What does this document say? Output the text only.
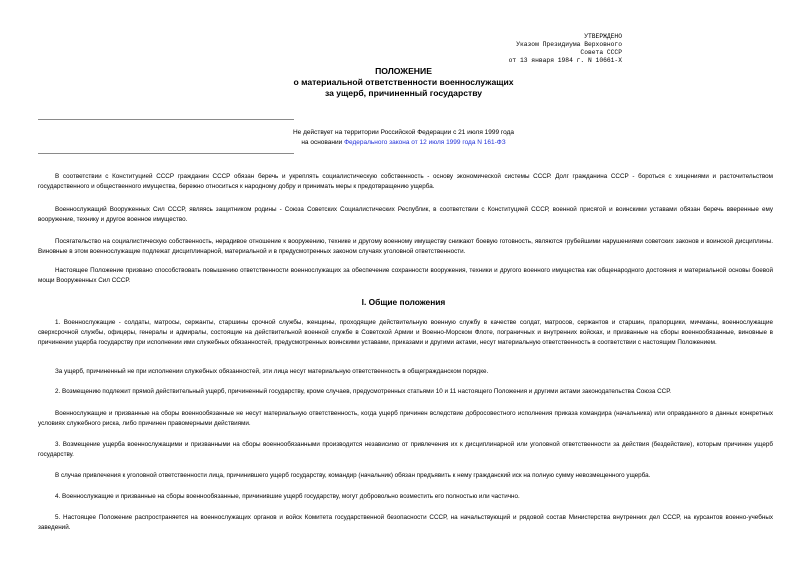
УТВЕРЖДЕНО
Указом Президиума Верховного
Совета СССР
от 13 января 1984 г. N 10661-X
ПОЛОЖЕНИЕ
о материальной ответственности военнослужащих
за ущерб, причиненный государству
Не действует на территории Российской Федерации с 21 июля 1999 года
на основании Федерального закона от 12 июля 1999 года N 161-ФЗ

В соответствии с Конституцией СССР гражданин СССР обязан беречь и укреплять социалистическую собственность - основу экономической системы СССР. Долг гражданина СССР - бороться с хищениями и расточительством государственного и общественного имущества, бережно относиться к народному добру и принимать меры к предотвращению ущерба.

Военнослужащий Вооруженных Сил СССР, являясь защитником родины - Союза Советских Социалистических Республик, в соответствии с Конституцией СССР, военной присягой и воинскими уставами обязан беречь вверенные ему вооружение, технику и другое военное имущество.

Посягательство на социалистическую собственность, нерадивое отношение к вооружению, технике и другому военному имуществу снижают боевую готовность, являются грубейшими нарушениями советских законов и воинской дисциплины. Виновные в этом военнослужащие подлежат дисциплинарной, материальной и в предусмотренных законом случаях уголовной ответственности.

Настоящее Положение призвано способствовать повышению ответственности военнослужащих за обеспечение сохранности вооружения, техники и другого военного имущества как общенародного достояния и материальной основы боевой мощи Вооруженных Сил СССР.

I. Общие положения

1. Военнослужащие - солдаты, матросы, сержанты, старшины срочной службы, женщины, проходящие действительную военную службу в качестве солдат, матросов, сержантов и старшин, прапорщики, мичманы, военнослужащие сверхсрочной службы, офицеры, генералы и адмиралы, состоящие на действительной военной службе в Советской Армии и Военно-Морском Флоте, пограничных и внутренних войсках, и призванные на сборы военнообязанные, виновные в причинении ущерба государству при исполнении ими служебных обязанностей, предусмотренных воинскими уставами, приказами и другими актами, несут материальную ответственность в соответствии с настоящим Положением.

За ущерб, причиненный не при исполнении служебных обязанностей, эти лица несут материальную ответственность в общегражданском порядке.

2. Возмещению подлежит прямой действительный ущерб, причиненный государству, кроме случаев, предусмотренных статьями 10 и 11 настоящего Положения и другими актами законодательства Союза ССР.

Военнослужащие и призванные на сборы военнообязанные не несут материальную ответственность, когда ущерб причинен вследствие добросовестного исполнения приказа командира (начальника) или оправданного в данных конкретных условиях служебного риска, либо причинен правомерными действиями.

3. Возмещение ущерба военнослужащими и призванными на сборы военнообязанными производится независимо от привлечения их к дисциплинарной или уголовной ответственности за действия (бездействие), которым причинен ущерб государству.

В случае привлечения к уголовной ответственности лица, причинившего ущерб государству, командир (начальник) обязан предъявить к нему гражданский иск на полную сумму невозмещенного ущерба.

4. Военнослужащие и призванные на сборы военнообязанные, причинившие ущерб государству, могут добровольно возместить его полностью или частично.

5. Настоящее Положение распространяется на военнослужащих органов и войск Комитета государственной безопасности СССР, на начальствующий и рядовой состав Министерства внутренних дел СССР, на курсантов военно-учебных заведений.
